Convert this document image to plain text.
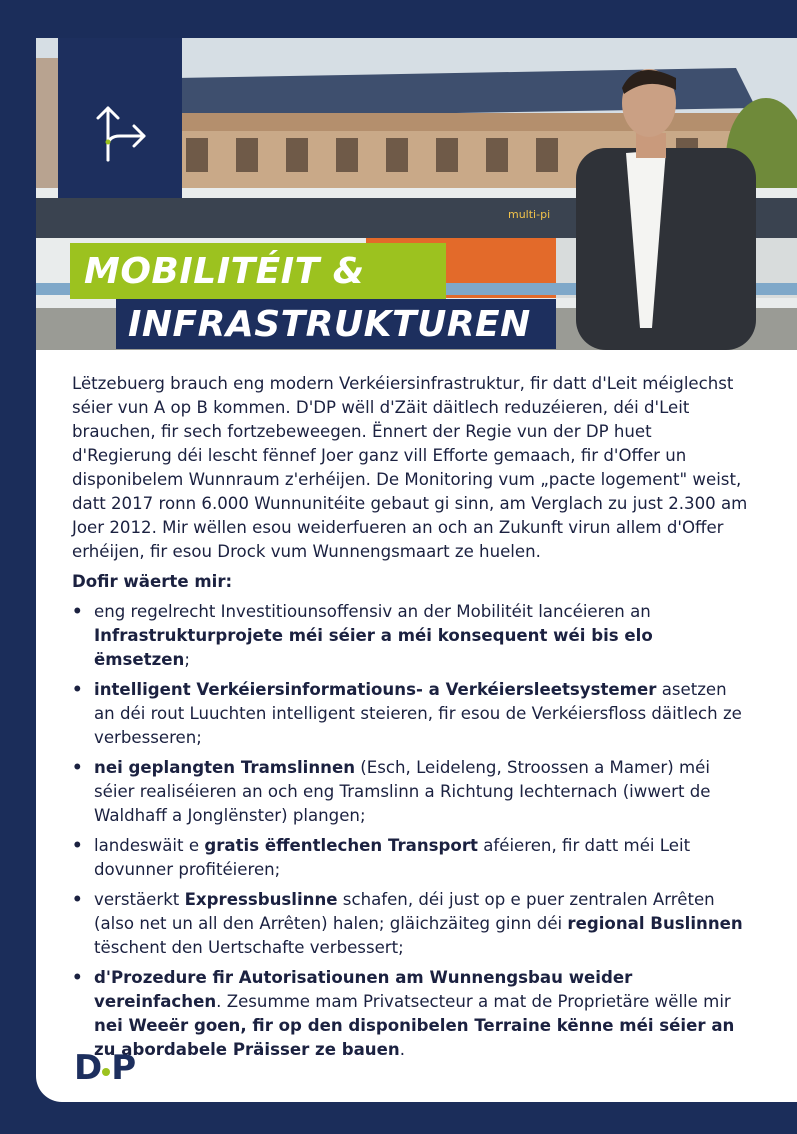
multi-pi
MOBILITÉIT &
INFRASTRUKTUREN

Lëtzebuerg brauch eng modern Verkéiersinfrastruktur, fir datt d'Leit méiglechst séier vun A op B kommen. D'DP wëll d'Zäit däitlech reduzéieren, déi d'Leit brauchen, fir sech fortzebeweegen. Ënnert der Regie vun der DP huet d'Regierung déi lescht fënnef Joer ganz vill Efforte gemaach, fir d'Offer un disponibelem Wunnraum z'erhéijen. De Monitoring vum „pacte logement" weist, datt 2017 ronn 6.000 Wunnunitéite gebaut gi sinn, am Verglach zu just 2.300 am Joer 2012. Mir wëllen esou weiderfueren an och an Zukunft virun allem d'Offer erhéijen, fir esou Drock vum Wunnengsmaart ze huelen.

Dofir wäerte mir:

• eng regelrecht Investitiounsoffensiv an der Mobilitéit lancéieren an Infrastrukturprojete méi séier a méi konsequent wéi bis elo ëmsetzen;
• intelligent Verkéiersinformatiouns- a Verkéiersleetsystemer asetzen an déi rout Luuchten intelligent steieren, fir esou de Verkéiersfloss däitlech ze verbesseren;
• nei geplangten Tramslinnen (Esch, Leideleng, Stroossen a Mamer) méi séier realiséieren an och eng Tramslinn a Richtung Iechternach (iwwert de Waldhaff a Jonglënster) plangen;
• landeswäit e gratis ëffentlechen Transport aféieren, fir datt méi Leit dovunner profitéieren;
• verstäerkt Expressbuslinne schafen, déi just op e puer zentralen Arrêten (also net un all den Arrêten) halen; gläichzäiteg ginn déi regional Buslinnen tëschent den Uertschafte verbessert;
• d'Prozedure fir Autorisatiounen am Wunnengsbau weider vereinfachen. Zesumme mam Privatsecteur a mat de Proprietäre wëlle mir nei Weeër goen, fir op den disponibelen Terraine kënne méi séier an zu abordabele Präisser ze bauen.
D P
